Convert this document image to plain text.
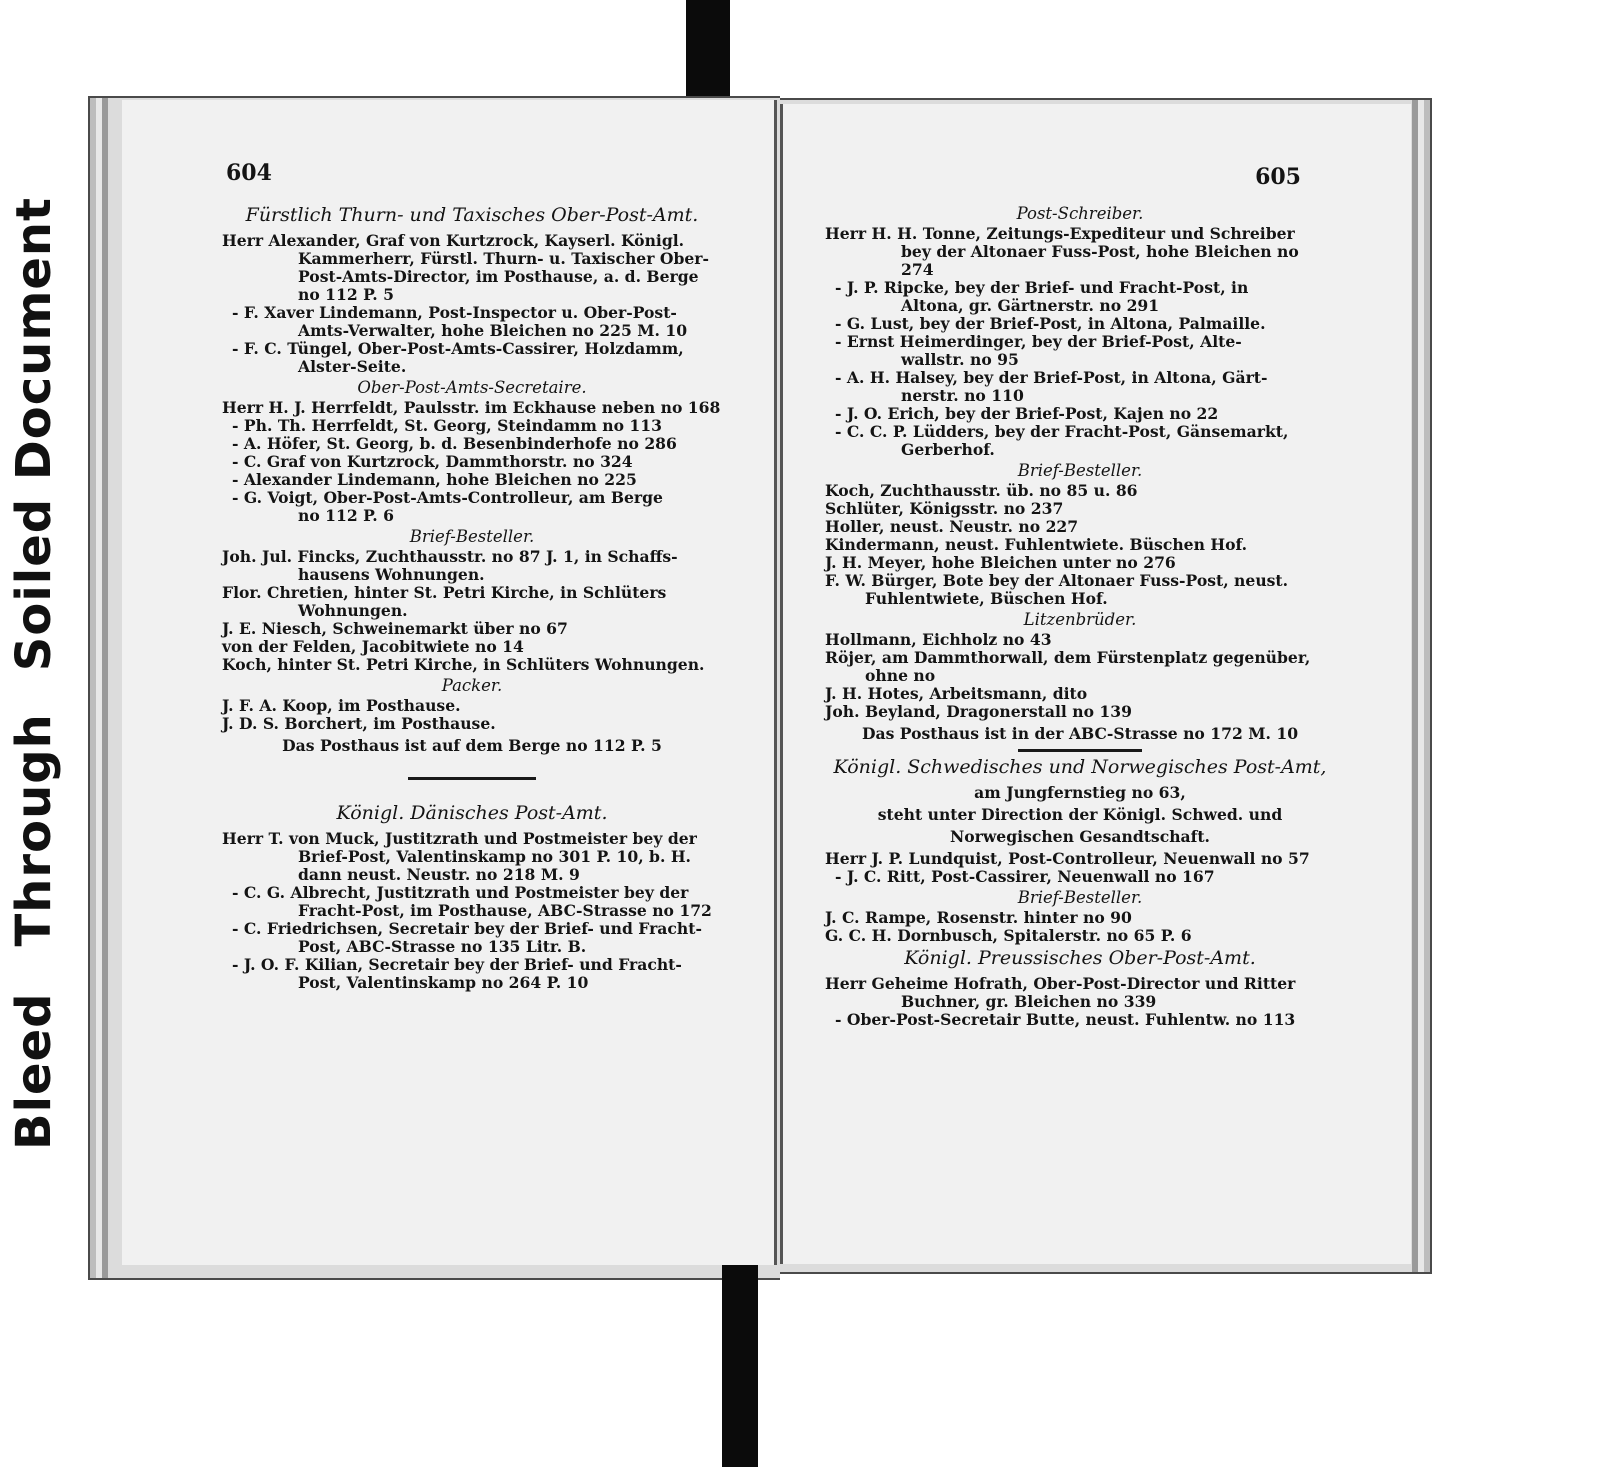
BleedThroughSoiled Document
604
Fürstlich Thurn- und Taxisches Ober-Post-Amt.
Herr Alexander, Graf von Kurtzrock, Kayserl. Königl.
Kammerherr, Fürstl. Thurn- u. Taxischer Ober-
Post-Amts-Director, im Posthause, a. d. Berge
no 112 P. 5
- F. Xaver Lindemann, Post-Inspector u. Ober-Post-
Amts-Verwalter, hohe Bleichen no 225 M. 10
- F. C. Tüngel, Ober-Post-Amts-Cassirer, Holzdamm,
Alster-Seite.
Ober-Post-Amts-Secretaire.
Herr H. J. Herrfeldt, Paulsstr. im Eckhause neben no 168
- Ph. Th. Herrfeldt, St. Georg, Steindamm no 113
- A. Höfer, St. Georg, b. d. Besenbinderhofe no 286
- C. Graf von Kurtzrock, Dammthorstr. no 324
- Alexander Lindemann, hohe Bleichen no 225
- G. Voigt, Ober-Post-Amts-Controlleur, am Berge
no 112 P. 6
Brief-Besteller.
Joh. Jul. Fincks, Zuchthausstr. no 87 J. 1, in Schaffs-
hausens Wohnungen.
Flor. Chretien, hinter St. Petri Kirche, in Schlüters
Wohnungen.
J. E. Niesch, Schweinemarkt über no 67
von der Felden, Jacobitwiete no 14
Koch, hinter St. Petri Kirche, in Schlüters Wohnungen.
Packer.
J. F. A. Koop, im Posthause.
J. D. S. Borchert, im Posthause.
Das Posthaus ist auf dem Berge no 112 P. 5
Königl. Dänisches Post-Amt.
Herr T. von Muck, Justitzrath und Postmeister bey der
Brief-Post, Valentinskamp no 301 P. 10, b. H.
dann neust. Neustr. no 218 M. 9
- C. G. Albrecht, Justitzrath und Postmeister bey der
Fracht-Post, im Posthause, ABC-Strasse no 172
- C. Friedrichsen, Secretair bey der Brief- und Fracht-
Post, ABC-Strasse no 135 Litr. B.
- J. O. F. Kilian, Secretair bey der Brief- und Fracht-
Post, Valentinskamp no 264 P. 10
605
Post-Schreiber.
Herr H. H. Tonne, Zeitungs-Expediteur und Schreiber
bey der Altonaer Fuss-Post, hohe Bleichen no 274
- J. P. Ripcke, bey der Brief- und Fracht-Post, in
Altona, gr. Gärtnerstr. no 291
- G. Lust, bey der Brief-Post, in Altona, Palmaille.
- Ernst Heimerdinger, bey der Brief-Post, Alte-
wallstr. no 95
- A. H. Halsey, bey der Brief-Post, in Altona, Gärt-
nerstr. no 110
- J. O. Erich, bey der Brief-Post, Kajen no 22
- C. C. P. Lüdders, bey der Fracht-Post, Gänsemarkt,
Gerberhof.
Brief-Besteller.
Koch, Zuchthausstr. üb. no 85 u. 86
Schlüter, Königsstr. no 237
Holler, neust. Neustr. no 227
Kindermann, neust. Fuhlentwiete. Büschen Hof.
J. H. Meyer, hohe Bleichen unter no 276
F. W. Bürger, Bote bey der Altonaer Fuss-Post, neust.
Fuhlentwiete, Büschen Hof.
Litzenbrüder.
Hollmann, Eichholz no 43
Röjer, am Dammthorwall, dem Fürstenplatz gegenüber,
ohne no
J. H. Hotes, Arbeitsmann, dito
Joh. Beyland, Dragonerstall no 139
Das Posthaus ist in der ABC-Strasse no 172 M. 10
Königl. Schwedisches und Norwegisches Post-Amt,
am Jungfernstieg no 63,
steht unter Direction der Königl. Schwed. und
Norwegischen Gesandtschaft.
Herr J. P. Lundquist, Post-Controlleur, Neuenwall no 57
- J. C. Ritt, Post-Cassirer, Neuenwall no 167
Brief-Besteller.
J. C. Rampe, Rosenstr. hinter no 90
G. C. H. Dornbusch, Spitalerstr. no 65 P. 6
Königl. Preussisches Ober-Post-Amt.
Herr Geheime Hofrath, Ober-Post-Director und Ritter
Buchner, gr. Bleichen no 339
- Ober-Post-Secretair Butte, neust. Fuhlentw. no 113
